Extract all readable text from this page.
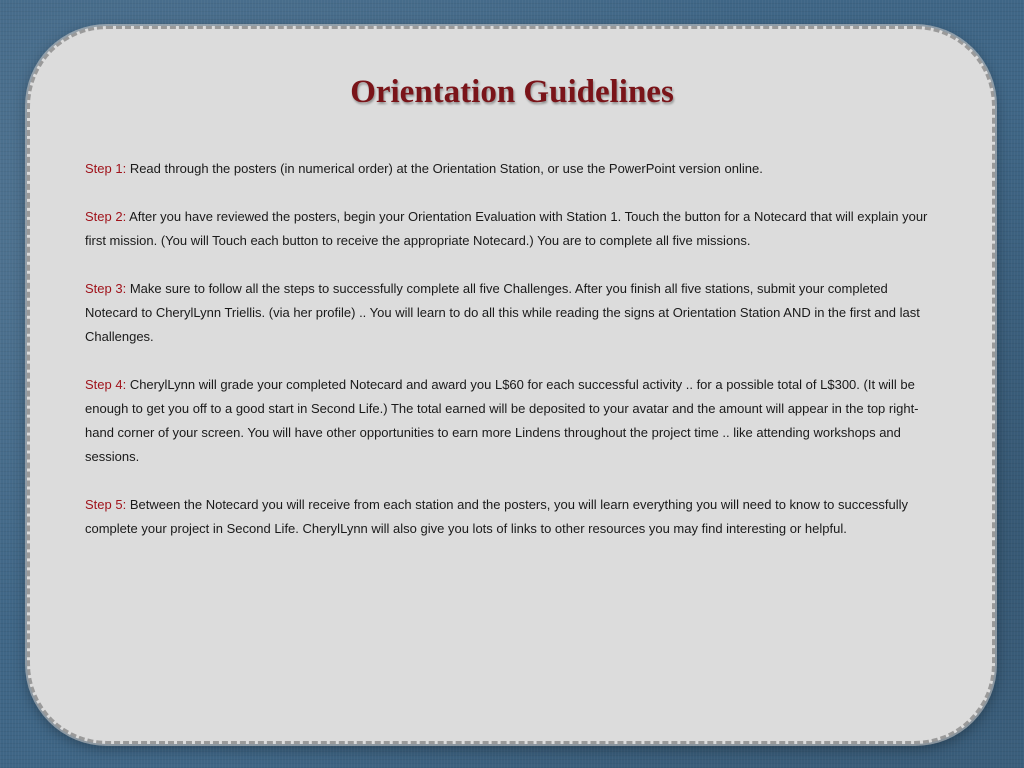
Orientation Guidelines

Step 1: Read through the posters (in numerical order) at the Orientation Station, or use the PowerPoint version online.

Step 2: After you have reviewed the posters, begin your Orientation Evaluation with Station 1. Touch the button for a Notecard that will explain your first mission. (You will Touch each button to receive the appropriate Notecard.) You are to complete all five missions.

Step 3: Make sure to follow all the steps to successfully complete all five Challenges. After you finish all five stations, submit your completed Notecard to CherylLynn Triellis. (via her profile) .. You will learn to do all this while reading the signs at Orientation Station AND in the first and last Challenges.

Step 4: CherylLynn will grade your completed Notecard and award you L$60 for each successful activity .. for a possible total of L$300. (It will be enough to get you off to a good start in Second Life.) The total earned will be deposited to your avatar and the amount will appear in the top right-hand corner of your screen. You will have other opportunities to earn more Lindens throughout the project time .. like attending workshops and sessions.

Step 5: Between the Notecard you will receive from each station and the posters, you will learn everything you will need to know to successfully complete your project in Second Life. CherylLynn will also give you lots of links to other resources you may find interesting or helpful.
